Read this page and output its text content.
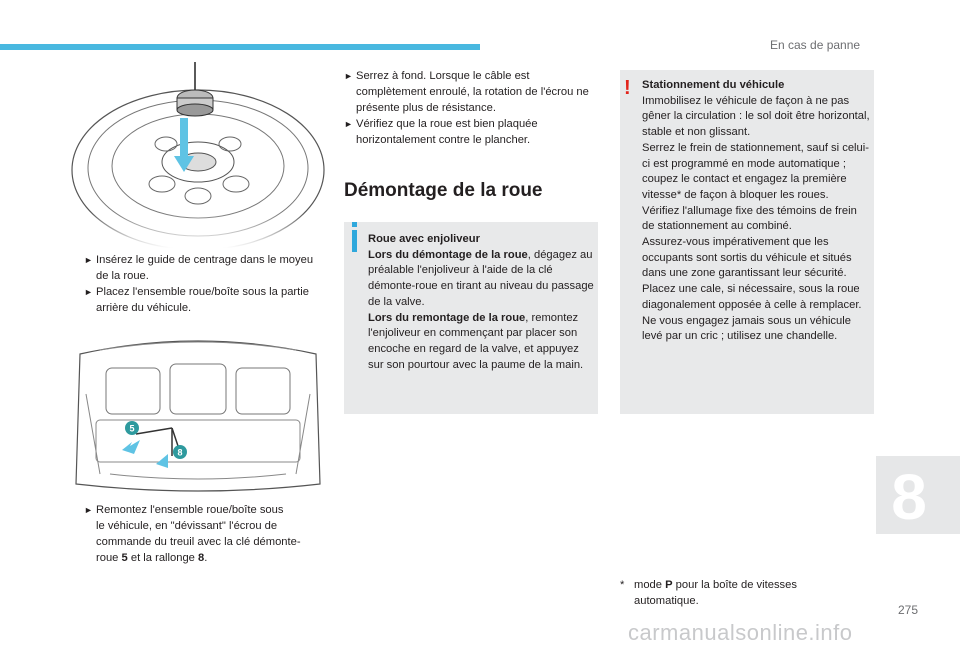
En cas de panne
► Insérez le guide de centrage dans le moyeu de la roue.
► Placez l'ensemble roue/boîte sous la partie arrière du véhicule.
5
8
► Remontez l'ensemble roue/boîte sous
le véhicule, en "dévissant" l'écrou de
commande du treuil avec la clé démonte-
roue 5 et la rallonge 8.
► Serrez à fond. Lorsque le câble est complètement enroulé, la rotation de l'écrou ne présente plus de résistance.
► Vérifiez que la roue est bien plaquée horizontalement contre le plancher.
Démontage de la roue
Roue avec enjoliveur
Lors du démontage de la roue, dégagez au préalable l'enjoliveur à l'aide de la clé démonte-roue en tirant au niveau du passage de la valve.
Lors du remontage de la roue, remontez l'enjoliveur en commençant par placer son encoche en regard de la valve, et appuyez sur son pourtour avec la paume de la main.
Stationnement du véhicule
Immobilisez le véhicule de façon à ne pas gêner la circulation : le sol doit être horizontal, stable et non glissant.
Serrez le frein de stationnement, sauf si celui-ci est programmé en mode automatique ; coupez le contact et engagez la première vitesse* de façon à bloquer les roues.
Vérifiez l'allumage fixe des témoins de frein de stationnement au combiné.
Assurez-vous impérativement que les occupants sont sortis du véhicule et situés dans une zone garantissant leur sécurité.
Placez une cale, si nécessaire, sous la roue diagonalement opposée à celle à remplacer.
Ne vous engagez jamais sous un véhicule levé par un cric ; utilisez une chandelle.
!
* mode P pour la boîte de vitesses automatique.
8
275
carmanualsonline.info
